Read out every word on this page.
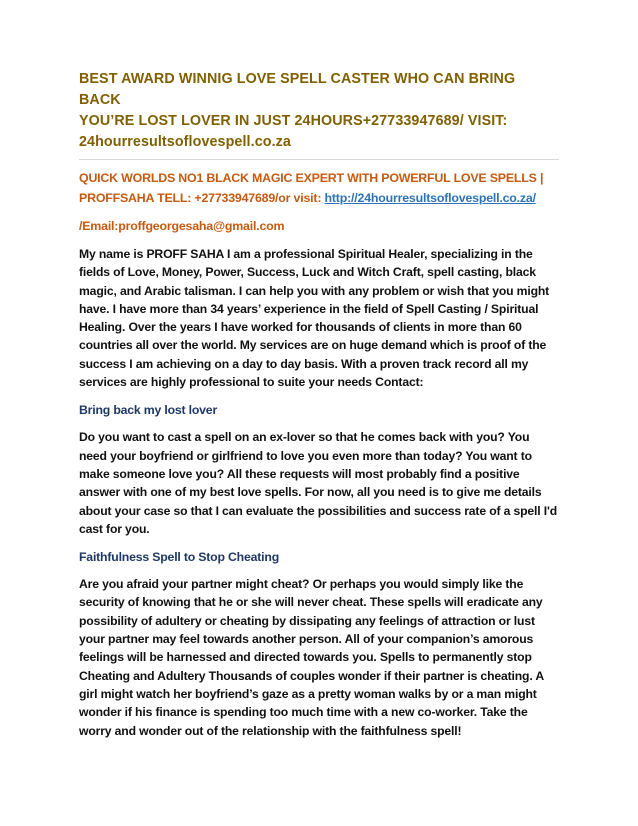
BEST AWARD WINNIG LOVE SPELL CASTER WHO CAN BRING BACK
YOU’RE LOST LOVER IN JUST 24HOURS+27733947689/ VISIT:
24hourresultsoflovespell.co.za

QUICK WORLDS NO1 BLACK MAGIC EXPERT WITH POWERFUL LOVE SPELLS |
PROFFSAHA TELL: +27733947689/or visit: http://24hourresultsoflovespell.co.za/

/Email:proffgeorgesaha@gmail.com

My name is PROFF SAHA I am a professional Spiritual Healer, specializing in the fields of Love, Money, Power, Success, Luck and Witch Craft, spell casting, black magic, and Arabic talisman. I can help you with any problem or wish that you might have. I have more than 34 years’ experience in the field of Spell Casting / Spiritual Healing. Over the years I have worked for thousands of clients in more than 60 countries all over the world. My services are on huge demand which is proof of the success I am achieving on a day to day basis. With a proven track record all my services are highly professional to suite your needs Contact:

Bring back my lost lover

Do you want to cast a spell on an ex-lover so that he comes back with you? You need your boyfriend or girlfriend to love you even more than today? You want to make someone love you? All these requests will most probably find a positive answer with one of my best love spells. For now, all you need is to give me details about your case so that I can evaluate the possibilities and success rate of a spell I'd cast for you.

Faithfulness Spell to Stop Cheating

Are you afraid your partner might cheat? Or perhaps you would simply like the security of knowing that he or she will never cheat. These spells will eradicate any possibility of adultery or cheating by dissipating any feelings of attraction or lust your partner may feel towards another person. All of your companion’s amorous feelings will be harnessed and directed towards you. Spells to permanently stop Cheating and Adultery Thousands of couples wonder if their partner is cheating. A girl might watch her boyfriend’s gaze as a pretty woman walks by or a man might wonder if his finance is spending too much time with a new co-worker. Take the worry and wonder out of the relationship with the faithfulness spell!
